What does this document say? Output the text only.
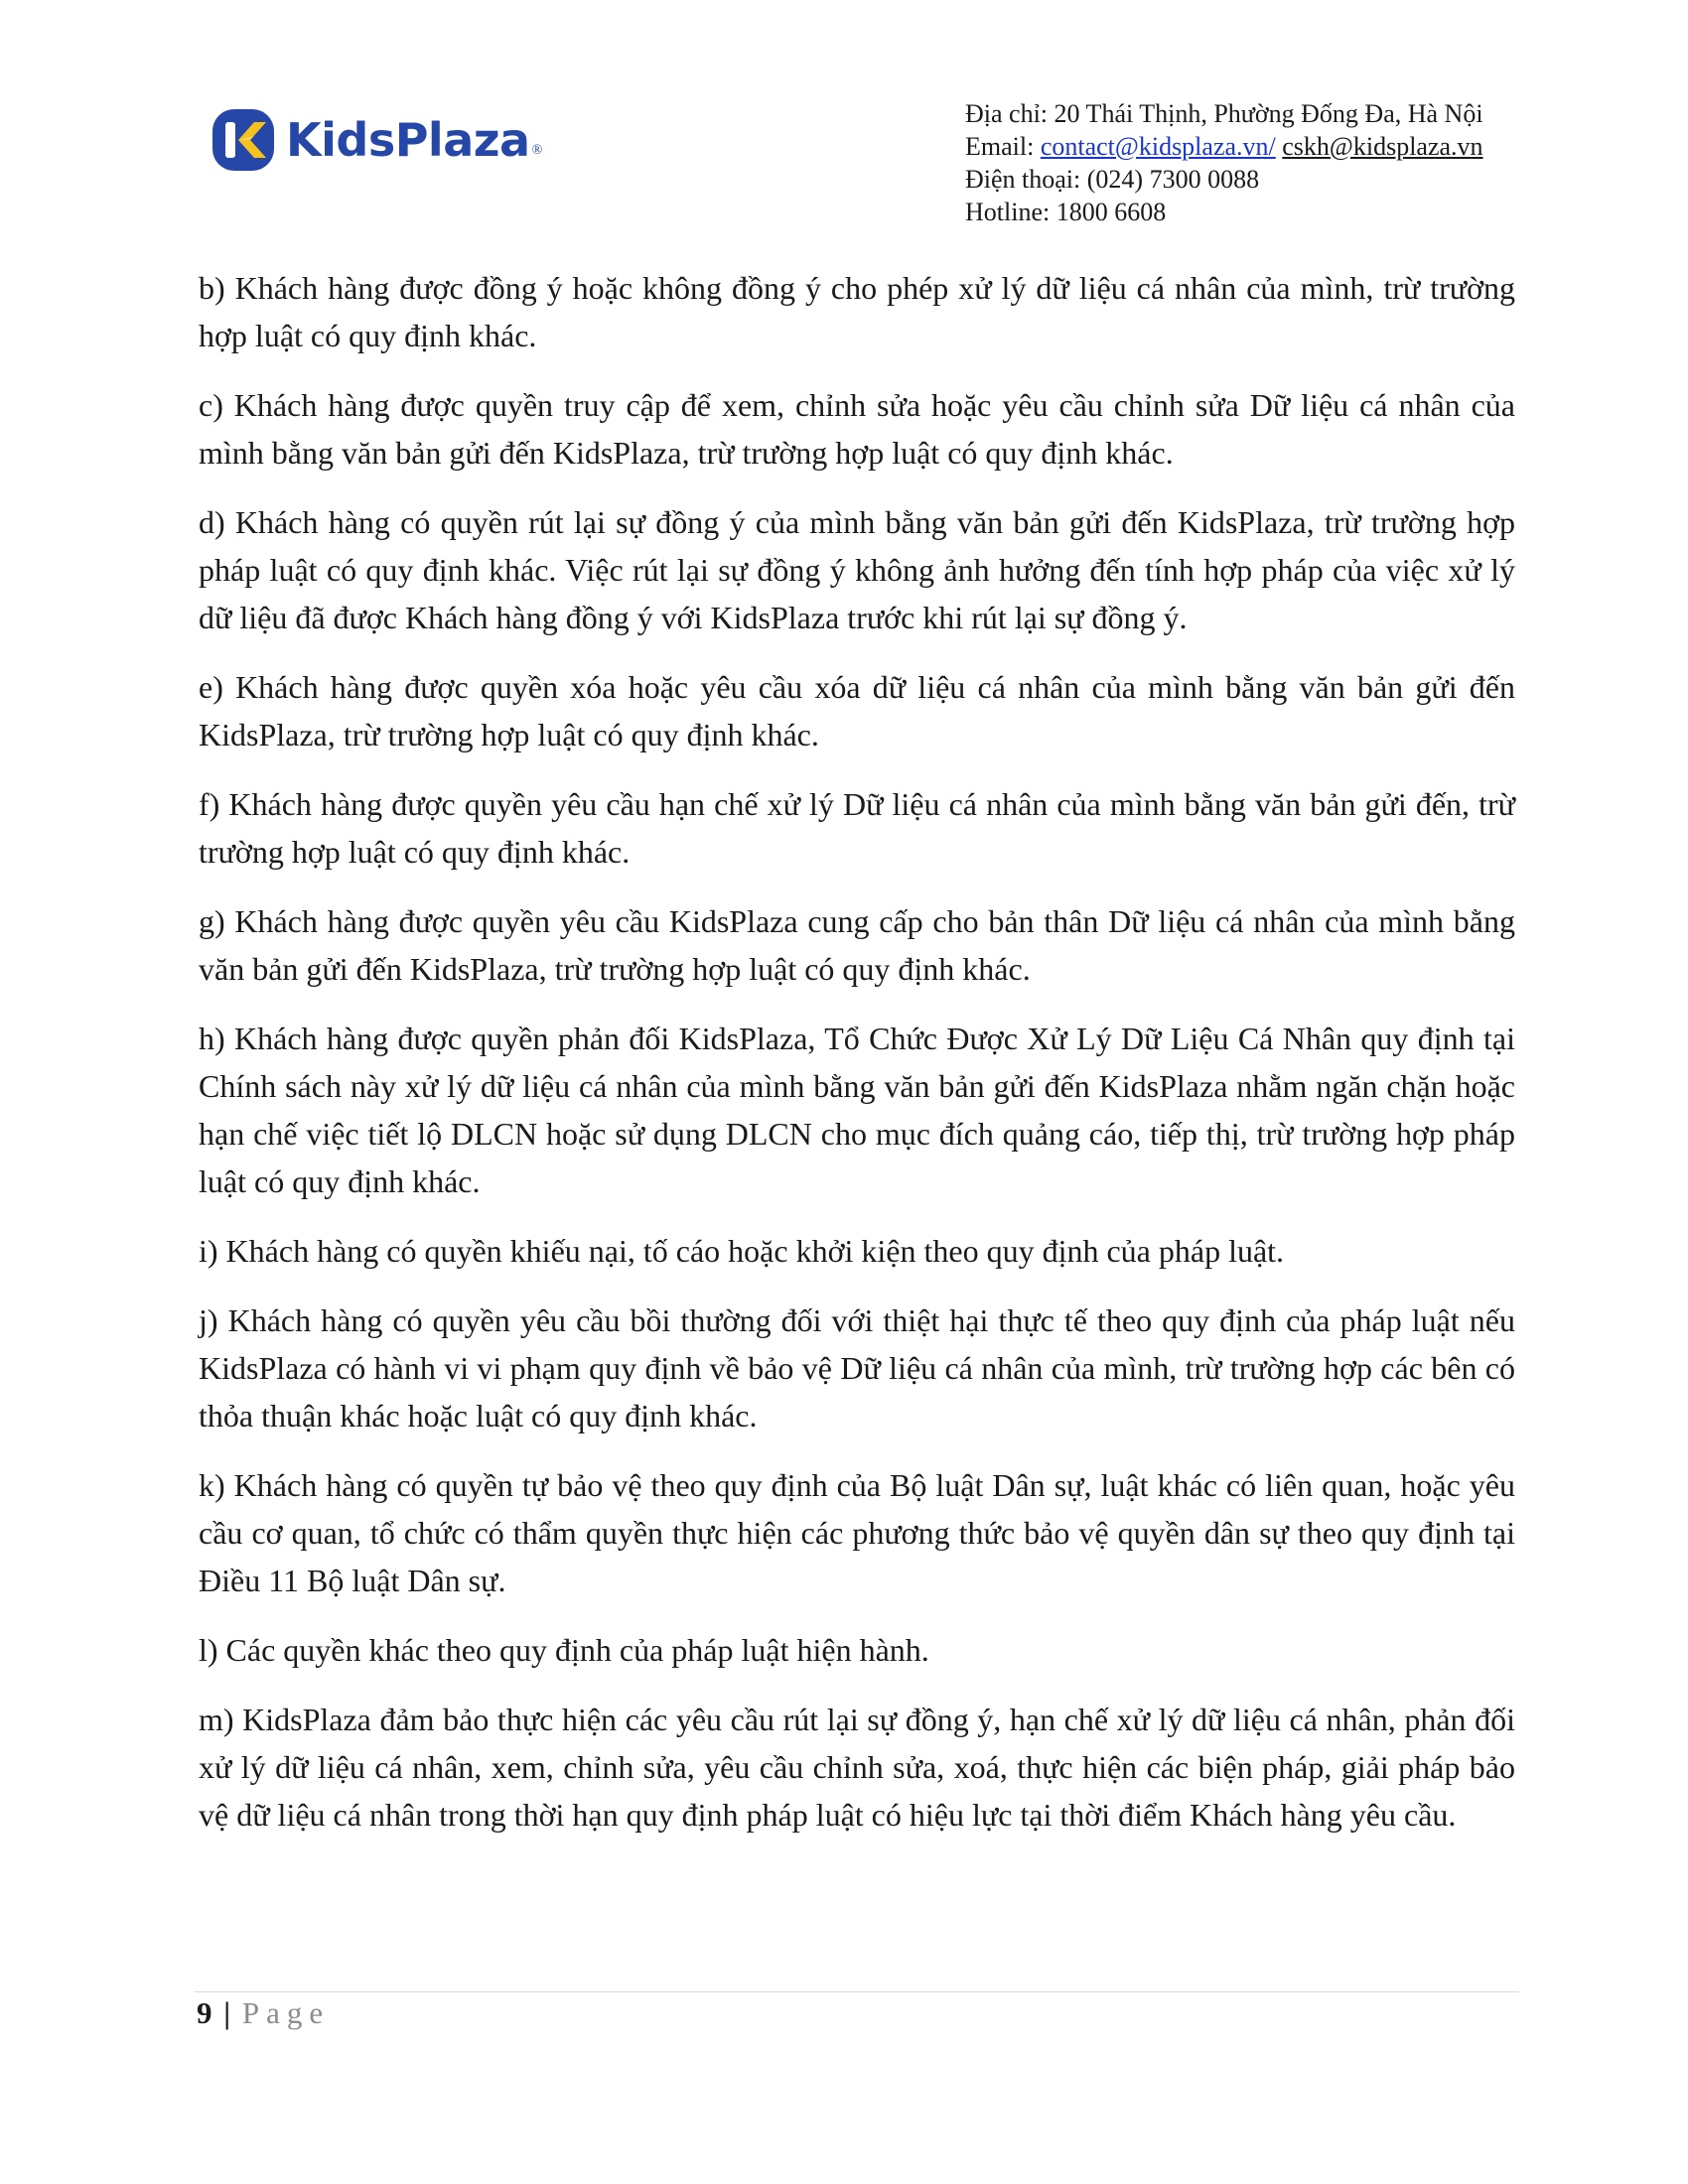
KidsPlaza ®
Địa chỉ: 20 Thái Thịnh, Phường Đống Đa, Hà Nội
Email: contact@kidsplaza.vn/ cskh@kidsplaza.vn
Điện thoại: (024) 7300 0088
Hotline: 1800 6608

b) Khách hàng được đồng ý hoặc không đồng ý cho phép xử lý dữ liệu cá nhân của mình, trừ trường hợp luật có quy định khác.

c) Khách hàng được quyền truy cập để xem, chỉnh sửa hoặc yêu cầu chỉnh sửa Dữ liệu cá nhân của mình bằng văn bản gửi đến KidsPlaza, trừ trường hợp luật có quy định khác.

d) Khách hàng có quyền rút lại sự đồng ý của mình bằng văn bản gửi đến KidsPlaza, trừ trường hợp pháp luật có quy định khác. Việc rút lại sự đồng ý không ảnh hưởng đến tính hợp pháp của việc xử lý dữ liệu đã được Khách hàng đồng ý với KidsPlaza trước khi rút lại sự đồng ý.

e) Khách hàng được quyền xóa hoặc yêu cầu xóa dữ liệu cá nhân của mình bằng văn bản gửi đến KidsPlaza, trừ trường hợp luật có quy định khác.

f) Khách hàng được quyền yêu cầu hạn chế xử lý Dữ liệu cá nhân của mình bằng văn bản gửi đến, trừ trường hợp luật có quy định khác.

g) Khách hàng được quyền yêu cầu KidsPlaza cung cấp cho bản thân Dữ liệu cá nhân của mình bằng văn bản gửi đến KidsPlaza, trừ trường hợp luật có quy định khác.

h) Khách hàng được quyền phản đối KidsPlaza, Tổ Chức Được Xử Lý Dữ Liệu Cá Nhân quy định tại Chính sách này xử lý dữ liệu cá nhân của mình bằng văn bản gửi đến KidsPlaza nhằm ngăn chặn hoặc hạn chế việc tiết lộ DLCN hoặc sử dụng DLCN cho mục đích quảng cáo, tiếp thị, trừ trường hợp pháp luật có quy định khác.

i) Khách hàng có quyền khiếu nại, tố cáo hoặc khởi kiện theo quy định của pháp luật.

j) Khách hàng có quyền yêu cầu bồi thường đối với thiệt hại thực tế theo quy định của pháp luật nếu KidsPlaza có hành vi vi phạm quy định về bảo vệ Dữ liệu cá nhân của mình, trừ trường hợp các bên có thỏa thuận khác hoặc luật có quy định khác.

k) Khách hàng có quyền tự bảo vệ theo quy định của Bộ luật Dân sự, luật khác có liên quan, hoặc yêu cầu cơ quan, tổ chức có thẩm quyền thực hiện các phương thức bảo vệ quyền dân sự theo quy định tại Điều 11 Bộ luật Dân sự.

l) Các quyền khác theo quy định của pháp luật hiện hành.

m) KidsPlaza đảm bảo thực hiện các yêu cầu rút lại sự đồng ý, hạn chế xử lý dữ liệu cá nhân, phản đối xử lý dữ liệu cá nhân, xem, chỉnh sửa, yêu cầu chỉnh sửa, xoá, thực hiện các biện pháp, giải pháp bảo vệ dữ liệu cá nhân trong thời hạn quy định pháp luật có hiệu lực tại thời điểm Khách hàng yêu cầu.

9 | Page
